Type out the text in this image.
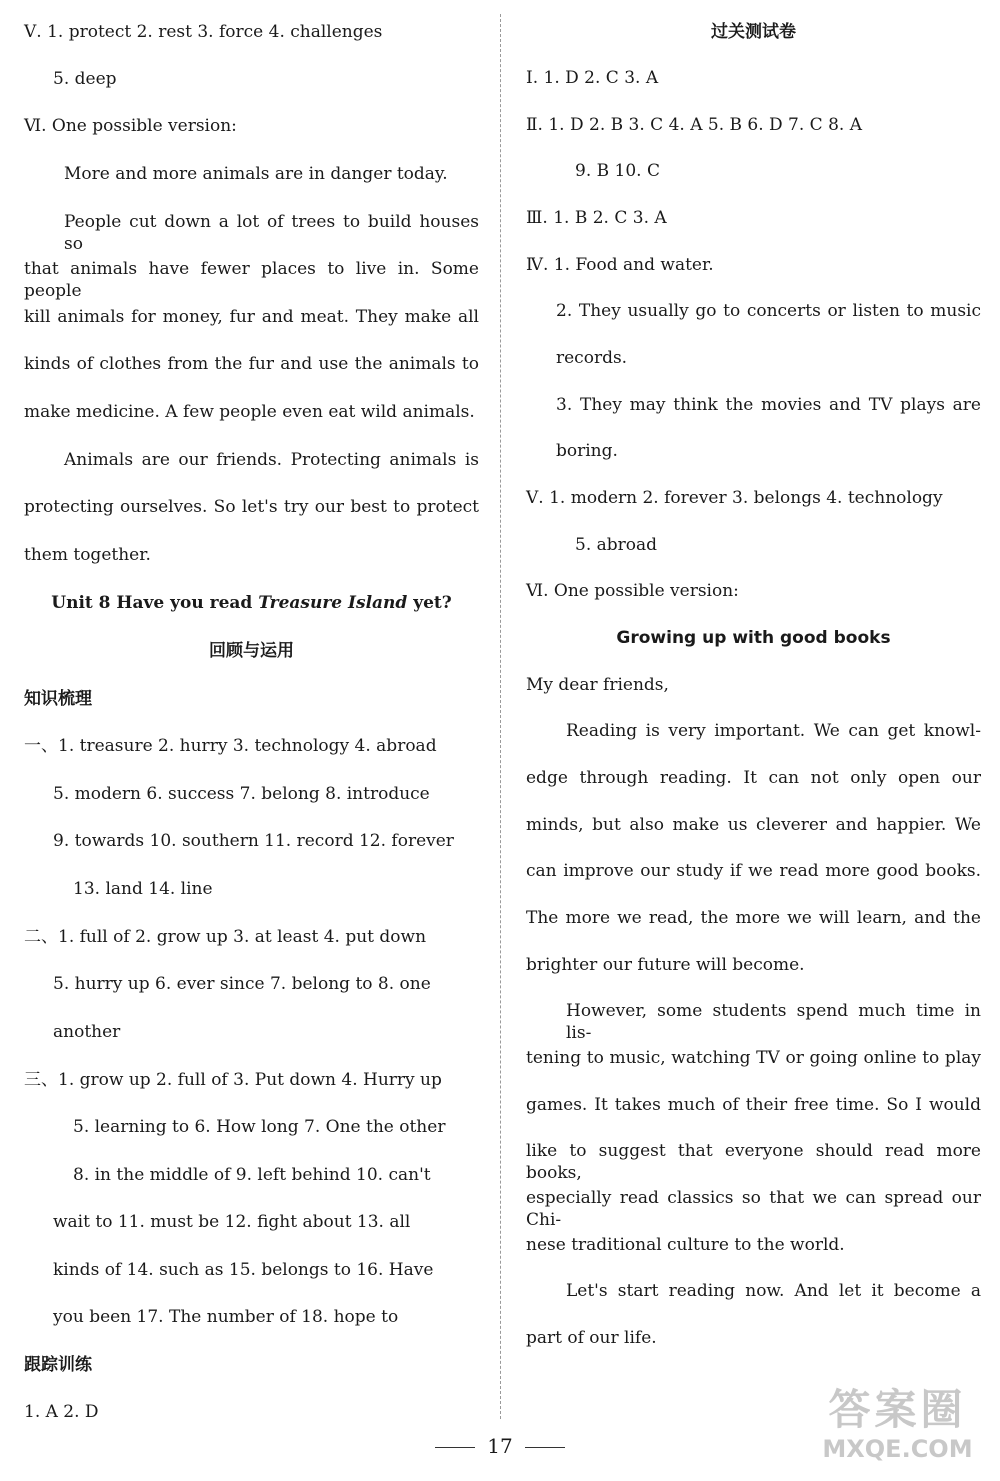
Ⅴ. 1. protect 2. rest 3. force 4. challenges
5. deep
Ⅵ. One possible version:
More and more animals are in danger today.
People cut down a lot of trees to build houses so
that animals have fewer places to live in. Some people
kill animals for money, fur and meat. They make all
kinds of clothes from the fur and use the animals to
make medicine. A few people even eat wild animals.
Animals are our friends. Protecting animals is
protecting ourselves. So let's try our best to protect
them together.
Unit 8 Have you read Treasure Island yet?
回顾与运用
知识梳理
一、1. treasure 2. hurry 3. technology 4. abroad
5. modern 6. success 7. belong 8. introduce
9. towards 10. southern 11. record 12. forever
13. land 14. line
二、1. full of 2. grow up 3. at least 4. put down
5. hurry up 6. ever since 7. belong to 8. one
another
三、1. grow up 2. full of 3. Put down 4. Hurry up
5. learning to 6. How long 7. One the other
8. in the middle of 9. left behind 10. can't
wait to 11. must be 12. fight about 13. all
kinds of 14. such as 15. belongs to 16. Have
you been 17. The number of 18. hope to
跟踪训练
1. A 2. D
过关测试卷
Ⅰ. 1. D 2. C 3. A
Ⅱ. 1. D 2. B 3. C 4. A 5. B 6. D 7. C 8. A
9. B 10. C
Ⅲ. 1. B 2. C 3. A
Ⅳ. 1. Food and water.
2. They usually go to concerts or listen to music
records.
3. They may think the movies and TV plays are
boring.
Ⅴ. 1. modern 2. forever 3. belongs 4. technology
5. abroad
Ⅵ. One possible version:
Growing up with good books
My dear friends,
Reading is very important. We can get knowl-
edge through reading. It can not only open our
minds, but also make us cleverer and happier. We
can improve our study if we read more good books.
The more we read, the more we will learn, and the
brighter our future will become.
However, some students spend much time in lis-
tening to music, watching TV or going online to play
games. It takes much of their free time. So I would
like to suggest that everyone should read more books,
especially read classics so that we can spread our Chi-
nese traditional culture to the world.
Let's start reading now. And let it become a
part of our life.
17
答案圈
MXQE.COM
